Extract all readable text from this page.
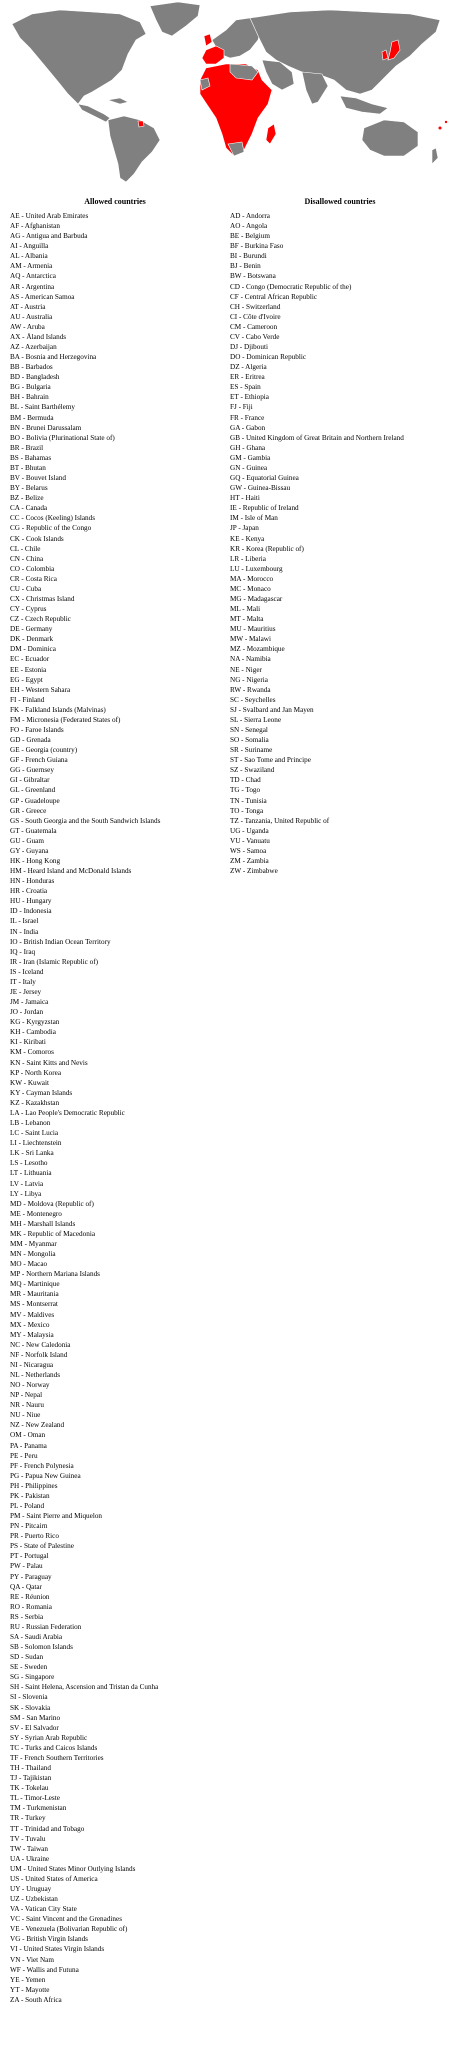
Allowed countries
AE - United Arab Emirates
AF - Afghanistan
AG - Antigua and Barbuda
AI - Anguilla
AL - Albania
AM - Armenia
AQ - Antarctica
AR - Argentina
AS - American Samoa
AT - Austria
AU - Australia
AW - Aruba
AX - Åland Islands
AZ - Azerbaijan
BA - Bosnia and Herzegovina
BB - Barbados
BD - Bangladesh
BG - Bulgaria
BH - Bahrain
BL - Saint Barthélemy
BM - Bermuda
BN - Brunei Darussalam
BO - Bolivia (Plurinational State of)
BR - Brazil
BS - Bahamas
BT - Bhutan
BV - Bouvet Island
BY - Belarus
BZ - Belize
CA - Canada
CC - Cocos (Keeling) Islands
CG - Republic of the Congo
CK - Cook Islands
CL - Chile
CN - China
CO - Colombia
CR - Costa Rica
CU - Cuba
CX - Christmas Island
CY - Cyprus
CZ - Czech Republic
DE - Germany
DK - Denmark
DM - Dominica
EC - Ecuador
EE - Estonia
EG - Egypt
EH - Western Sahara
FI - Finland
FK - Falkland Islands (Malvinas)
FM - Micronesia (Federated States of)
FO - Faroe Islands
GD - Grenada
GE - Georgia (country)
GF - French Guiana
GG - Guernsey
GI - Gibraltar
GL - Greenland
GP - Guadeloupe
GR - Greece
GS - South Georgia and the South Sandwich Islands
GT - Guatemala
GU - Guam
GY - Guyana
HK - Hong Kong
HM - Heard Island and McDonald Islands
HN - Honduras
HR - Croatia
HU - Hungary
ID - Indonesia
IL - Israel
IN - India
IO - British Indian Ocean Territory
IQ - Iraq
IR - Iran (Islamic Republic of)
IS - Iceland
IT - Italy
JE - Jersey
JM - Jamaica
JO - Jordan
KG - Kyrgyzstan
KH - Cambodia
KI - Kiribati
KM - Comoros
KN - Saint Kitts and Nevis
KP - North Korea
KW - Kuwait
KY - Cayman Islands
KZ - Kazakhstan
LA - Lao People's Democratic Republic
LB - Lebanon
LC - Saint Lucia
LI - Liechtenstein
LK - Sri Lanka
LS - Lesotho
LT - Lithuania
LV - Latvia
LY - Libya
MD - Moldova (Republic of)
ME - Montenegro
MH - Marshall Islands
MK - Republic of Macedonia
MM - Myanmar
MN - Mongolia
MO - Macao
MP - Northern Mariana Islands
MQ - Martinique
MR - Mauritania
MS - Montserrat
MV - Maldives
MX - Mexico
MY - Malaysia
NC - New Caledonia
NF - Norfolk Island
NI - Nicaragua
NL - Netherlands
NO - Norway
NP - Nepal
NR - Nauru
NU - Niue
NZ - New Zealand
OM - Oman
PA - Panama
PE - Peru
PF - French Polynesia
PG - Papua New Guinea
PH - Philippines
PK - Pakistan
PL - Poland
PM - Saint Pierre and Miquelon
PN - Pitcairn
PR - Puerto Rico
PS - State of Palestine
PT - Portugal
PW - Palau
PY - Paraguay
QA - Qatar
RE - Réunion
RO - Romania
RS - Serbia
RU - Russian Federation
SA - Saudi Arabia
SB - Solomon Islands
SD - Sudan
SE - Sweden
SG - Singapore
SH - Saint Helena, Ascension and Tristan da Cunha
SI - Slovenia
SK - Slovakia
SM - San Marino
SV - El Salvador
SY - Syrian Arab Republic
TC - Turks and Caicos Islands
TF - French Southern Territories
TH - Thailand
TJ - Tajikistan
TK - Tokelau
TL - Timor-Leste
TM - Turkmenistan
TR - Turkey
TT - Trinidad and Tobago
TV - Tuvalu
TW - Taiwan
UA - Ukraine
UM - United States Minor Outlying Islands
US - United States of America
UY - Uruguay
UZ - Uzbekistan
VA - Vatican City State
VC - Saint Vincent and the Grenadines
VE - Venezuela (Bolivarian Republic of)
VG - British Virgin Islands
VI - United States Virgin Islands
VN - Viet Nam
WF - Wallis and Futuna
YE - Yemen
YT - Mayotte
ZA - South Africa
Disallowed countries
AD - Andorra
AO - Angola
BE - Belgium
BF - Burkina Faso
BI - Burundi
BJ - Benin
BW - Botswana
CD - Congo (Democratic Republic of the)
CF - Central African Republic
CH - Switzerland
CI - Côte d'Ivoire
CM - Cameroon
CV - Cabo Verde
DJ - Djibouti
DO - Dominican Republic
DZ - Algeria
ER - Eritrea
ES - Spain
ET - Ethiopia
FJ - Fiji
FR - France
GA - Gabon
GB - United Kingdom of Great Britain and Northern Ireland
GH - Ghana
GM - Gambia
GN - Guinea
GQ - Equatorial Guinea
GW - Guinea-Bissau
HT - Haiti
IE - Republic of Ireland
IM - Isle of Man
JP - Japan
KE - Kenya
KR - Korea (Republic of)
LR - Liberia
LU - Luxembourg
MA - Morocco
MC - Monaco
MG - Madagascar
ML - Mali
MT - Malta
MU - Mauritius
MW - Malawi
MZ - Mozambique
NA - Namibia
NE - Niger
NG - Nigeria
RW - Rwanda
SC - Seychelles
SJ - Svalbard and Jan Mayen
SL - Sierra Leone
SN - Senegal
SO - Somalia
SR - Suriname
ST - Sao Tome and Principe
SZ - Swaziland
TD - Chad
TG - Togo
TN - Tunisia
TO - Tonga
TZ - Tanzania, United Republic of
UG - Uganda
VU - Vanuatu
WS - Samoa
ZM - Zambia
ZW - Zimbabwe
